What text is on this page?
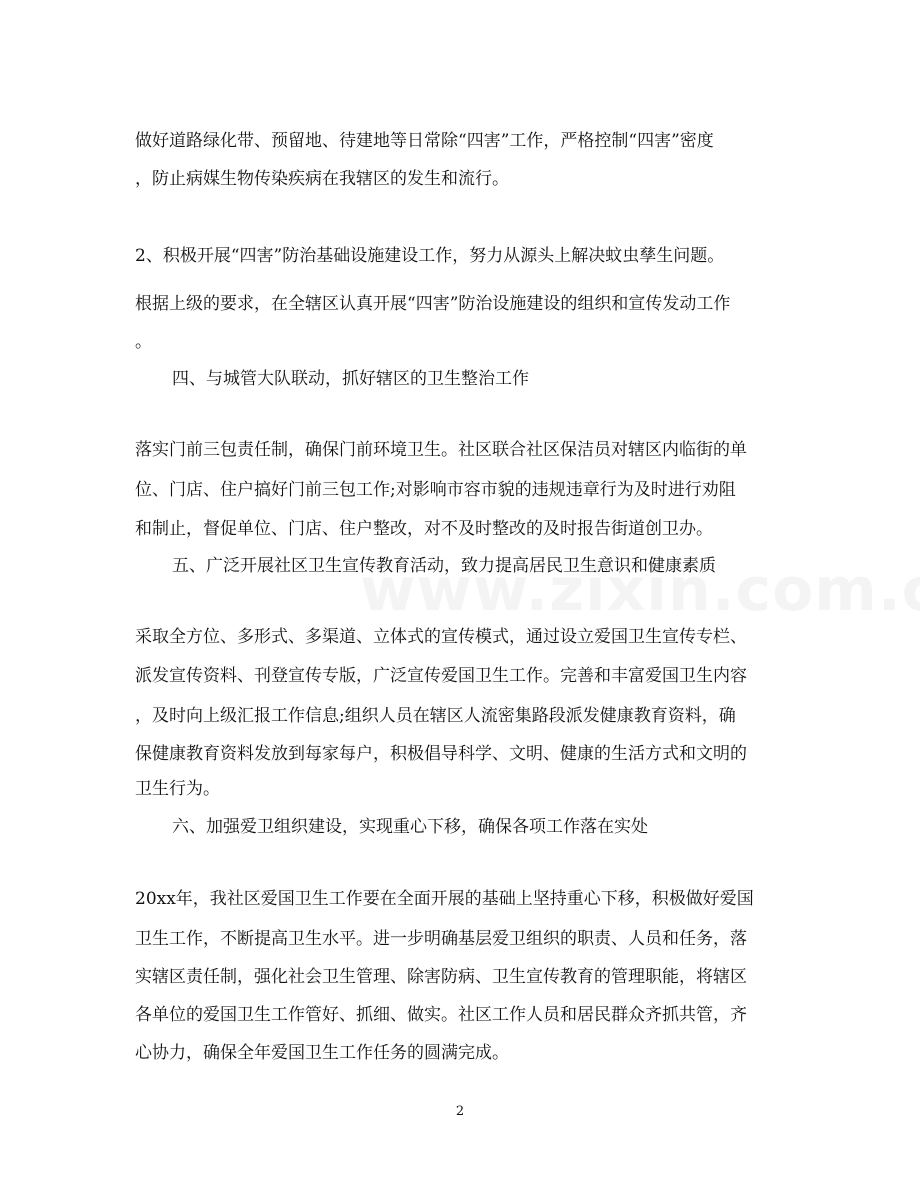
做好道路绿化带、预留地、待建地等日常除“四害”工作，严格控制“四害”密度
，防止病媒生物传染疾病在我辖区的发生和流行。
2、积极开展“四害”防治基础设施建设工作，努力从源头上解决蚊虫孳生问题。
根据上级的要求，在全辖区认真开展“四害”防治设施建设的组织和宣传发动工作
。
四、与城管大队联动，抓好辖区的卫生整治工作
落实门前三包责任制，确保门前环境卫生。社区联合社区保洁员对辖区内临街的单
位、门店、住户搞好门前三包工作;对影响市容市貌的违规违章行为及时进行劝阻
和制止，督促单位、门店、住户整改，对不及时整改的及时报告街道创卫办。
五、广泛开展社区卫生宣传教育活动，致力提高居民卫生意识和健康素质
采取全方位、多形式、多渠道、立体式的宣传模式，通过设立爱国卫生宣传专栏、
派发宣传资料、刊登宣传专版，广泛宣传爱国卫生工作。完善和丰富爱国卫生内容
，及时向上级汇报工作信息;组织人员在辖区人流密集路段派发健康教育资料，确
保健康教育资料发放到每家每户，积极倡导科学、文明、健康的生活方式和文明的
卫生行为。
六、加强爱卫组织建设，实现重心下移，确保各项工作落在实处
20xx年，我社区爱国卫生工作要在全面开展的基础上坚持重心下移，积极做好爱国
卫生工作，不断提高卫生水平。进一步明确基层爱卫组织的职责、人员和任务，落
实辖区责任制，强化社会卫生管理、除害防病、卫生宣传教育的管理职能，将辖区
各单位的爱国卫生工作管好、抓细、做实。社区工作人员和居民群众齐抓共管，齐
心协力，确保全年爱国卫生工作任务的圆满完成。
2
